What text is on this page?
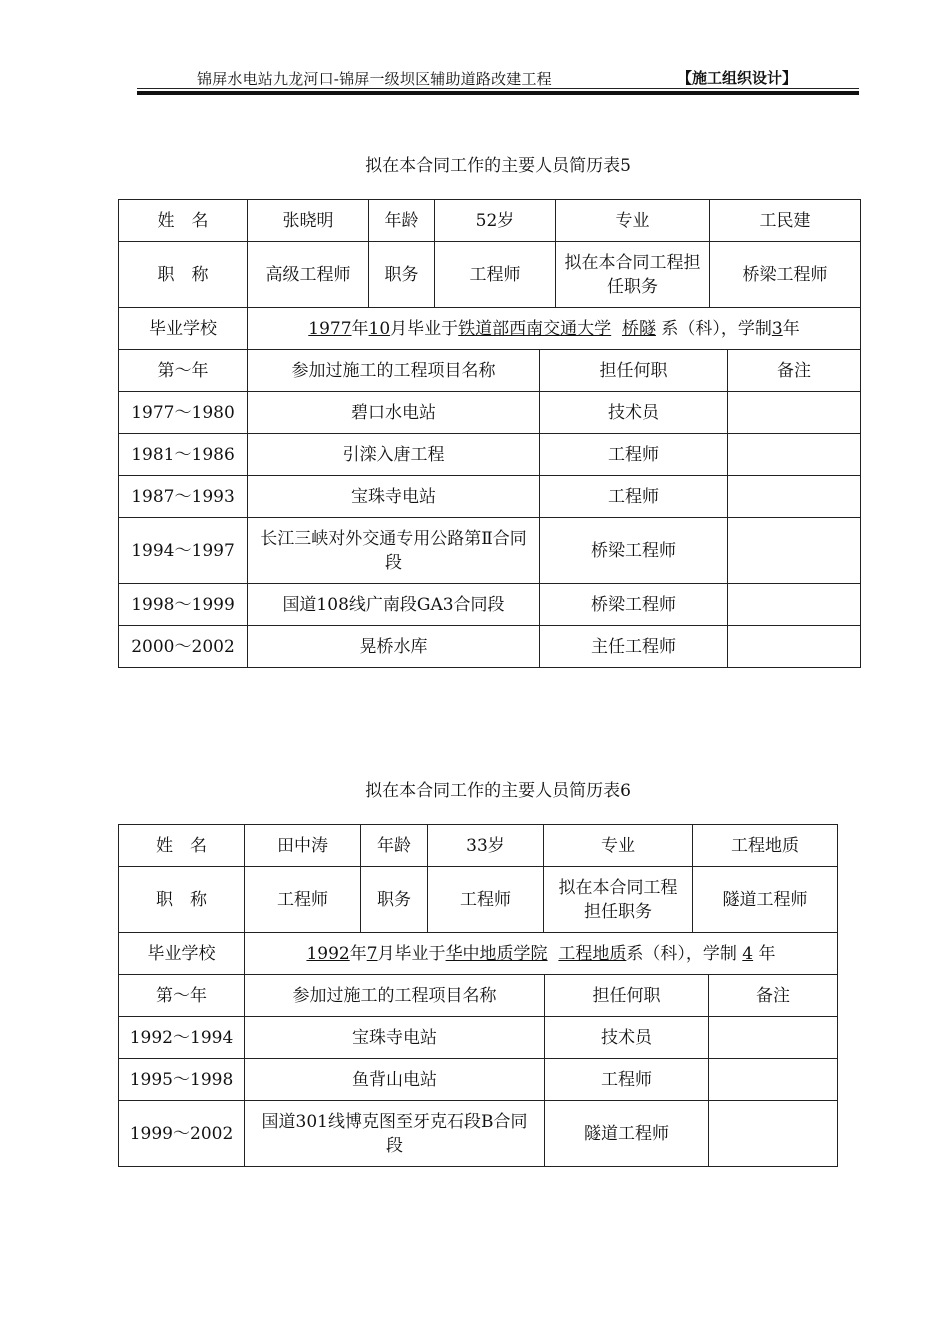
锦屏水电站九龙河口-锦屏一级坝区辅助道路改建工程	【施工组织设计】
拟在本合同工作的主要人员简历表5
姓　名	张晓明	年龄	52岁	专业	工民建
职　称	高级工程师	职务	工程师	拟在本合同工程担任职务	桥梁工程师
毕业学校	1977年10月毕业于铁道部西南交通大学 桥隧 系（科），学制3年				
第～年	参加过施工的工程项目名称	担任何职	备注
1977～1980	碧口水电站	技术员	
1981～1986	引滦入唐工程	工程师	
1987～1993	宝珠寺电站	工程师	
1994～1997	长江三峡对外交通专用公路第Ⅱ合同段	桥梁工程师	
1998～1999	国道108线广南段GA3合同段	桥梁工程师	
2000～2002	晃桥水库	主任工程师	
拟在本合同工作的主要人员简历表6
姓　名	田中涛	年龄	33岁	专业	工程地质
职　称	工程师	职务	工程师	拟在本合同工程担任职务	隧道工程师
毕业学校	1992年7月毕业于华中地质学院 工程地质系（科），学制 4 年				
第～年	参加过施工的工程项目名称	担任何职	备注
1992～1994	宝珠寺电站	技术员	
1995～1998	鱼背山电站	工程师	
1999～2002	国道301线博克图至牙克石段B合同段	隧道工程师	
